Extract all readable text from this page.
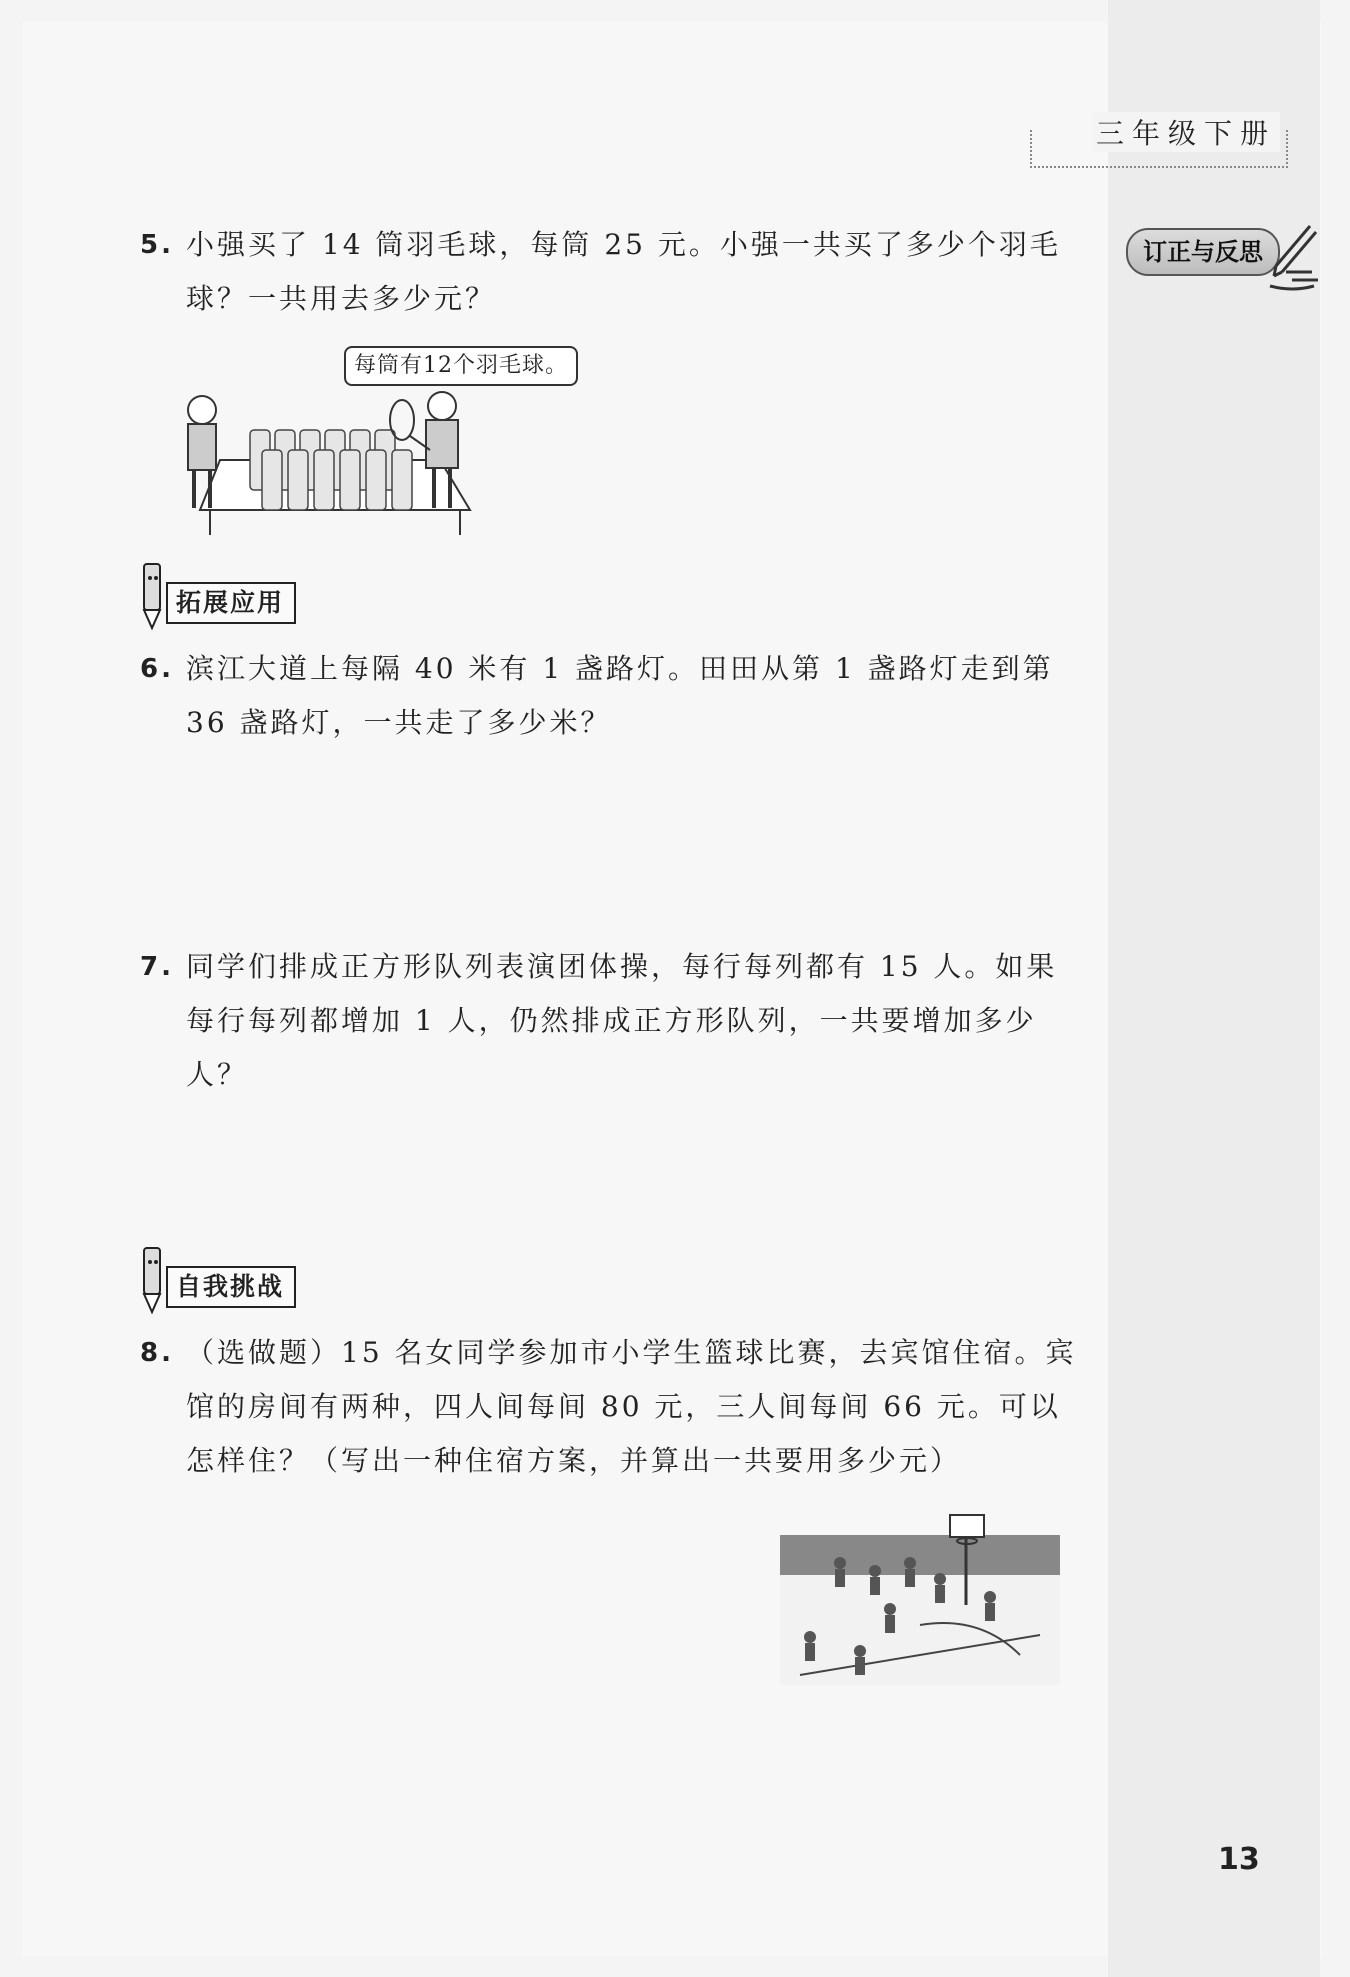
三年级下册
订正与反思
5. 小强买了 14 筒羽毛球，每筒 25 元。小强一共买了多少个羽毛球？一共用去多少元？
每筒有12个羽毛球。
拓展应用
6. 滨江大道上每隔 40 米有 1 盏路灯。田田从第 1 盏路灯走到第 36 盏路灯，一共走了多少米？
7. 同学们排成正方形队列表演团体操，每行每列都有 15 人。如果每行每列都增加 1 人，仍然排成正方形队列，一共要增加多少人？
自我挑战
8. （选做题）15 名女同学参加市小学生篮球比赛，去宾馆住宿。宾馆的房间有两种，四人间每间 80 元，三人间每间 66 元。可以怎样住？（写出一种住宿方案，并算出一共要用多少元）
13
